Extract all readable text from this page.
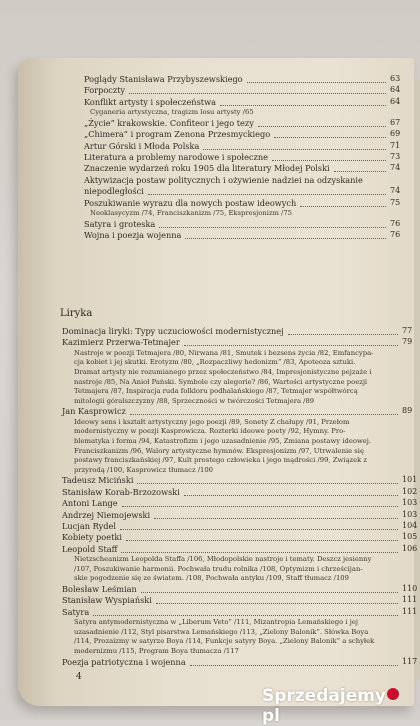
Poglądy Stanisława Przybyszewskiego	63
Forpoczty	64
Konflikt artysty i społeczeństwa	64
Cyganeria artystyczna, tragizm losu artysty /65
„Życie” krakowskie. Confiteor i jego tezy	67
„Chimera” i program Zenona Przesmyckiego	69
Artur Górski i Młoda Polska	71
Literatura a problemy narodowe i społeczne	73
Znaczenie wydarzeń roku 1905 dla literatury Młodej Polski	74
Aktywizacja postaw politycznych i ożywienie nadziei na odzyskanie
niepodległości	74
Poszukiwanie wyrazu dla nowych postaw ideowych	75
Neoklasycyzm /74, Franciszkanizm /75, Ekspresjonizm /75
Satyra i groteska	76
Wojna i poezja wojenna	76
Liryka
Dominacja liryki: Typy uczuciowości modernistycznej	77
Kazimierz Przerwa-Tetmajer	79
Nastroje w poezji Tetmajera /80, Nirwana /81, Smutek i bezsens życia /82, Emfancypa-
cja kobiet i jej skutki. Erotyzm /80, „Rozpaczliwy hedonizm” /83, Apoteoza sztuki.
Dramat artysty nie rozumianego przez społeczeństwo /84, Impresjonistyczne pejzaże i
nastroje /85, Na Anioł Pański. Symbole czy alegorie? /86, Wartości artystyczne poezji
Tetmajera /87, Inspiracja ruda folkloru podhalańskiego /87, Tetmajer współtwórcą
mitologii góralszczyzny /88, Sprzeczności w twórczości Tetmajera /89
Jan Kasprowicz	89
Ideowy sens i kształt artystyczny jego poezji /89, Sonety Z chałupy /91, Przełom
modernistyczny w poezji Kasprowicza. Rozterki ideowe poety /92, Hymny. Pro-
blematyka i forma /94, Katastrofizm i jego uzasadnienie /95, Zmiana postawy ideowej.
Franciszkanizm /96, Walory artystyczne hymnów. Ekspresjonizm /97, Utrwalenie się
postawy franciszkańskiej /97, Kult prostego człowieka i jego mądrości /99, Związek z
przyrodą /100, Kasprowicz tłumacz /100
Tadeusz Miciński	101
Stanisław Korab-Brzozowski	102
Antoni Lange	103
Andrzej Niemojewski	103
Lucjan Rydel	104
Kobiety poetki	105
Leopold Staff	106
Nietzscheanizm Leopolda Staffa /106, Młodopolskie nastroje i tematy. Deszcz jesienny
/107, Poszukiwanie harmonii. Pochwała trudu rolnika /108, Optymizm i chrześcijan-
skie pogodzenie się ze światem. /108, Pochwała antyku /109, Staff tłumacz /109
Bolesław Leśmian	110
Stanisław Wyspiański	111
Satyra	111
Satyra antymodernistyczna w „Liberum Veto” /111, Mizantropia Lemańskiego i jej
uzasadnienie /112, Styl pisarstwa Lemańskiego /113, „Zielony Balonik”. Słówka Boya
/114, Prozaizmy w satyrze Boya /114, Funkcje satyry Boya. „Zielony Balonik” a schyłek
modernizmu /115, Program Boya tłumacza /117
Poezja patriotyczna i wojenna	117
4
Sprzedajemypl
